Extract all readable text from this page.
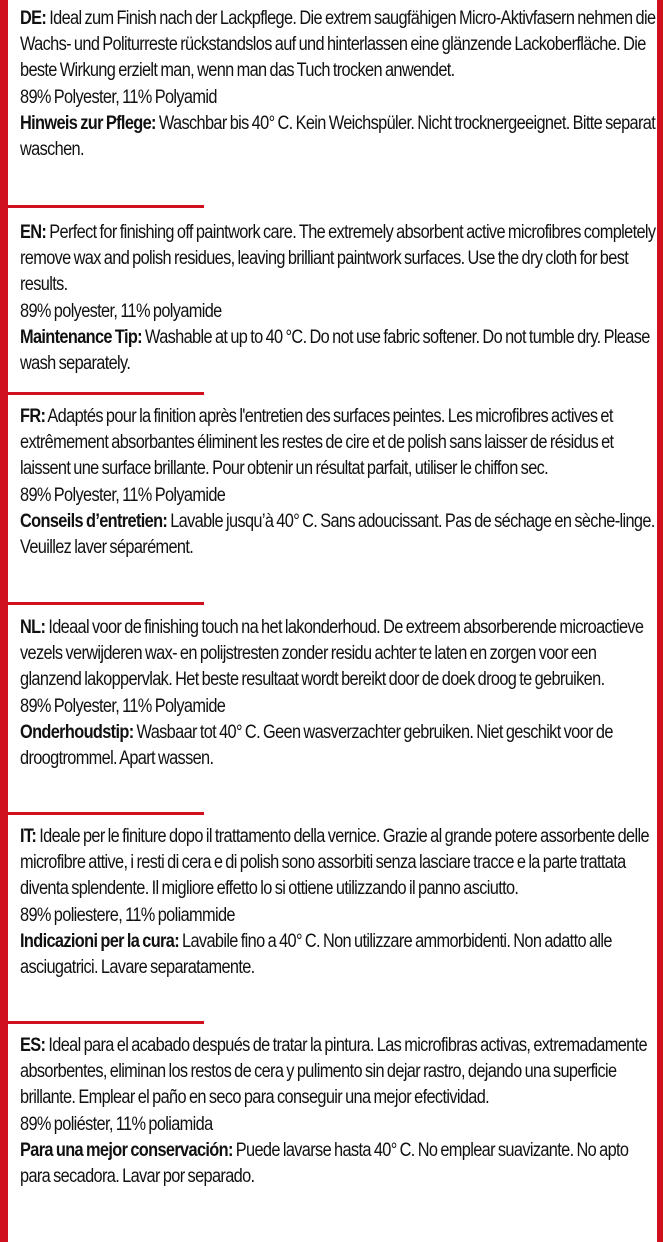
DE: Ideal zum Finish nach der Lackpflege. Die extrem saugfähigen Micro-Aktivfasern nehmen die Wachs- und Politurreste rückstandslos auf und hinterlassen eine glänzende Lackoberfläche. Die beste Wirkung erzielt man, wenn man das Tuch trocken anwendet.

89% Polyester, 11% Polyamid

Hinweis zur Pflege: Waschbar bis 40° C. Kein Weichspüler. Nicht trocknergeeignet. Bitte separat waschen.

EN: Perfect for finishing off paintwork care. The extremely absorbent active microfibres completely remove wax and polish residues, leaving brilliant paintwork surfaces. Use the dry cloth for best results.

89% polyester, 11% polyamide

Maintenance Tip: Washable at up to 40 °C. Do not use fabric softener. Do not tumble dry. Please wash separately.

FR: Adaptés pour la finition après l'entretien des surfaces peintes. Les microfibres actives et extrêmement absorbantes éliminent les restes de cire et de polish sans laisser de résidus et laissent une surface brillante. Pour obtenir un résultat parfait, utiliser le chiffon sec.

89% Polyester, 11% Polyamide

Conseils d’entretien: Lavable jusqu’à 40° C. Sans adoucissant. Pas de séchage en sèche-linge. Veuillez laver séparément.

NL: Ideaal voor de finishing touch na het lakonderhoud. De extreem absorberende microactieve vezels verwijderen wax- en polijstresten zonder residu achter te laten en zorgen voor een glanzend lakoppervlak. Het beste resultaat wordt bereikt door de doek droog te gebruiken.

89% Polyester, 11% Polyamide

Onderhoudstip: Wasbaar tot 40° C. Geen wasverzachter gebruiken. Niet geschikt voor de droogtrommel. Apart wassen.

IT: Ideale per le finiture dopo il trattamento della vernice. Grazie al grande potere assorbente delle microfibre attive, i resti di cera e di polish sono assorbiti senza lasciare tracce e la parte trattata diventa splendente. Il migliore effetto lo si ottiene utilizzando il panno asciutto.

89% poliestere, 11% poliammide

Indicazioni per la cura: Lavabile fino a 40° C. Non utilizzare ammorbidenti. Non adatto alle asciugatrici. Lavare separatamente.

ES: Ideal para el acabado después de tratar la pintura. Las microfibras activas, extremadamente absorbentes, eliminan los restos de cera y pulimento sin dejar rastro, dejando una superficie brillante. Emplear el paño en seco para conseguir una mejor efectividad.

89% poliéster, 11% poliamida

Para una mejor conservación: Puede lavarse hasta 40° C. No emplear suavizante. No apto para secadora. Lavar por separado.
